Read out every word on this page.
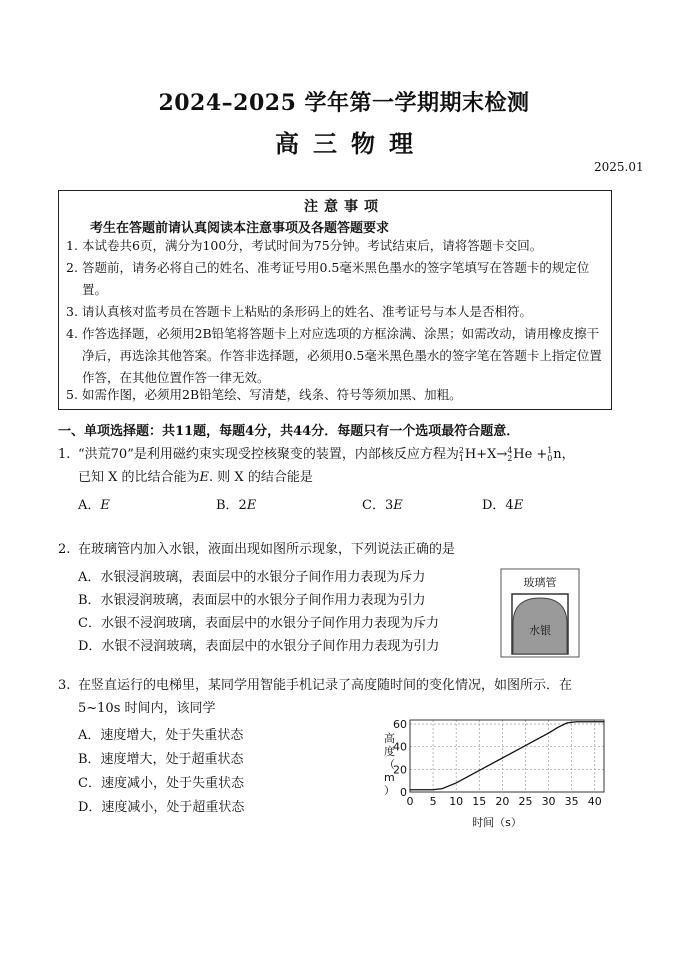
2024–2025 学年第一学期期末检测
高三物理
2025.01
注意事项
考生在答题前请认真阅读本注意事项及各题答题要求
1. 本试卷共6页，满分为100分，考试时间为75分钟。考试结束后，请将答题卡交回。
2. 答题前，请务必将自己的姓名、准考证号用0.5毫米黑色墨水的签字笔填写在答题卡的规定位置。
3. 请认真核对监考员在答题卡上粘贴的条形码上的姓名、准考证号与本人是否相符。
4. 作答选择题，必须用2B铅笔将答题卡上对应选项的方框涂满、涂黑；如需改动，请用橡皮擦干净后，再选涂其他答案。作答非选择题，必须用0.5毫米黑色墨水的签字笔在答题卡上指定位置作答，在其他位置作答一律无效。
5. 如需作图，必须用2B铅笔绘、写清楚，线条、符号等须加黑、加粗。
一、单项选择题：共11题，每题4分，共44分．每题只有一个选项最符合题意．
1. “洪荒70”是利用磁约束实现受控核聚变的装置，内部核反应方程为 2
1 H+X→ 4
2 He + 1
0 n，
已知 X 的比结合能为E. 则 X 的结合能是
A．E	B．2E	C．3E	D．4E
2. 在玻璃管内加入水银，液面出现如图所示现象，下列说法正确的是
A．水银浸润玻璃，表面层中的水银分子间作用力表现为斥力
B．水银浸润玻璃，表面层中的水银分子间作用力表现为引力
C．水银不浸润玻璃，表面层中的水银分子间作用力表现为斥力
D．水银不浸润玻璃，表面层中的水银分子间作用力表现为引力
玻璃管
水银
3. 在竖直运行的电梯里，某同学用智能手机记录了高度随时间的变化情况，如图所示．在
5~10s 时间内，该同学
A．速度增大，处于失重状态
B．速度增大，处于超重状态
C．速度减小，处于失重状态
D．速度减小，处于超重状态	0 5 10 15 20 25 30 35 40
0
20
40
60
高度（ m ）
时间（s）
